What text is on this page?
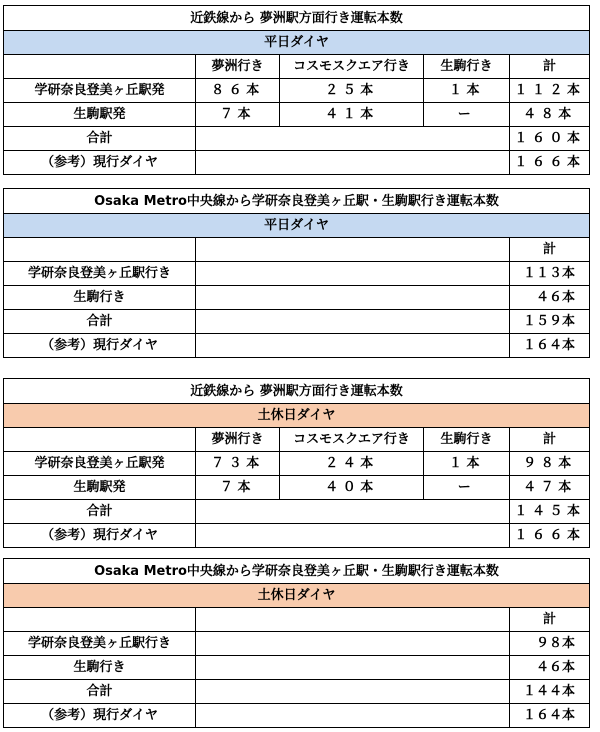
近鉄線から 夢洲駅方面行き運転本数				
平日ダイヤ				
	夢洲行き	コスモスクエア行き	生駒行き	計
学研奈良登美ヶ丘駅発	８６本	２５本	１本	１１２本
生駒駅発	７本	４１本	ー	４８本
合計				１６０本
（参考）現行ダイヤ				１６６本
Osaka Metro中央線から学研奈良登美ヶ丘駅・生駒駅行き運転本数		
平日ダイヤ		
		計
学研奈良登美ヶ丘駅行き		１１３本
生駒行き		４６本
合計		１５９本
（参考）現行ダイヤ		１６４本
近鉄線から 夢洲駅方面行き運転本数				
土休日ダイヤ				
	夢洲行き	コスモスクエア行き	生駒行き	計
学研奈良登美ヶ丘駅発	７３本	２４本	１本	９８本
生駒駅発	７本	４０本	ー	４７本
合計				１４５本
（参考）現行ダイヤ				１６６本
Osaka Metro中央線から学研奈良登美ヶ丘駅・生駒駅行き運転本数		
土休日ダイヤ		
		計
学研奈良登美ヶ丘駅行き		９８本
生駒行き		４６本
合計		１４４本
（参考）現行ダイヤ		１６４本
